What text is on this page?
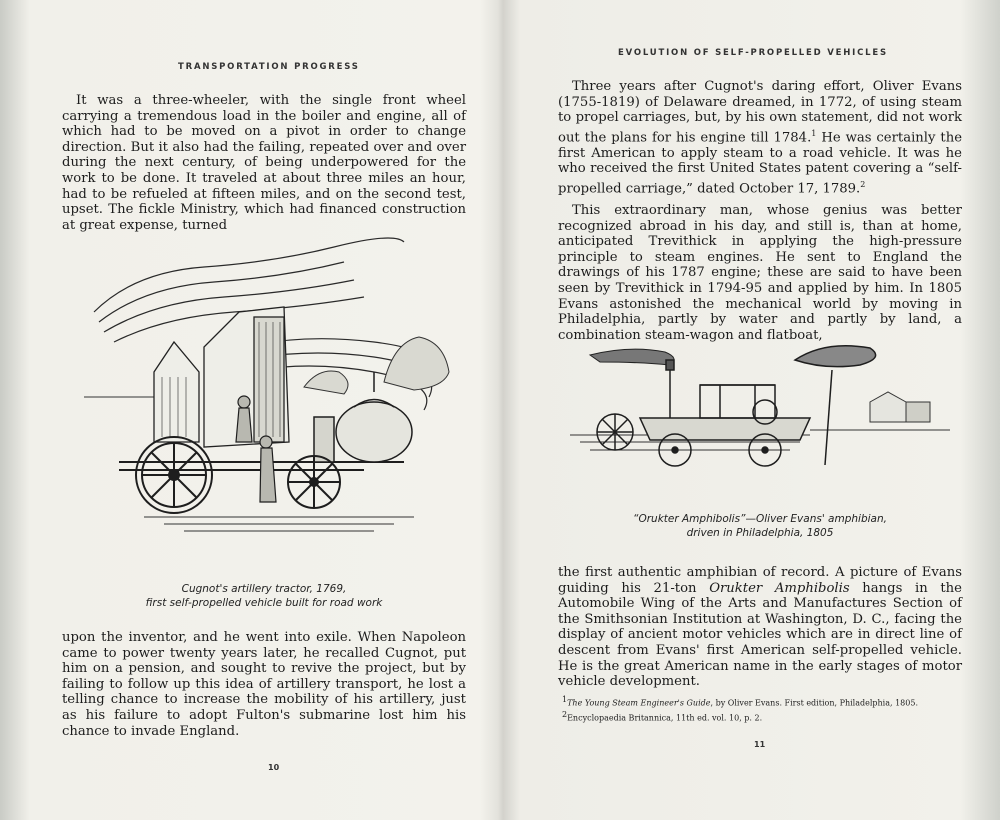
TRANSPORTATION PROGRESS

It was a three-wheeler, with the single front wheel carrying a tremendous load in the boiler and engine, all of which had to be moved on a pivot in order to change direction. But it also had the failing, repeated over and over during the next century, of being underpowered for the work to be done. It traveled at about three miles an hour, had to be refueled at fifteen miles, and on the second test, upset. The fickle Ministry, which had financed construction at great expense, turned

Cugnot's artillery tractor, 1769,
first self-propelled vehicle built for road work

upon the inventor, and he went into exile. When Napoleon came to power twenty years later, he recalled Cugnot, put him on a pension, and sought to revive the project, but by failing to follow up this idea of artillery transport, he lost a telling chance to increase the mobility of his artillery, just as his failure to adopt Fulton's submarine lost him his chance to invade England.

10
EVOLUTION OF SELF-PROPELLED VEHICLES

Three years after Cugnot's daring effort, Oliver Evans (1755-1819) of Delaware dreamed, in 1772, of using steam to propel carriages, but, by his own statement, did not work out the plans for his engine till 1784.$^1$ He was certainly the first American to apply steam to a road vehicle. It was he who received the first United States patent covering a “self-propelled carriage,” dated October 17, 1789.$^2$

This extraordinary man, whose genius was better recognized abroad in his day, and still is, than at home, anticipated Trevithick in applying the high-pressure principle to steam engines. He sent to England the drawings of his 1787 engine; these are said to have been seen by Trevithick in 1794-95 and applied by him. In 1805 Evans astonished the mechanical world by moving in Philadelphia, partly by water and partly by land, a combination steam-wagon and flatboat,

“Orukter Amphibolis”—Oliver Evans' amphibian,
driven in Philadelphia, 1805

the first authentic amphibian of record. A picture of Evans guiding his 21-ton Orukter Amphibolis hangs in the Automobile Wing of the Arts and Manufactures Section of the Smithsonian Institution at Washington, D. C., facing the display of ancient motor vehicles which are in direct line of descent from Evans' first American self-propelled vehicle. He is the great American name in the early stages of motor vehicle development.

$^1$The Young Steam Engineer's Guide, by Oliver Evans. First edition, Philadelphia, 1805.

$^2$Encyclopaedia Britannica, 11th ed. vol. 10, p. 2.

11
